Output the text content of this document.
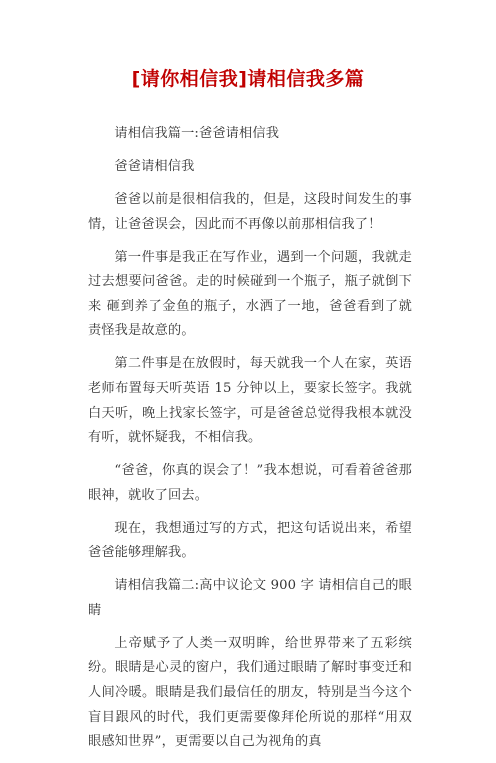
[请你相信我]请相信我多篇

请相信我篇一:爸爸请相信我

爸爸请相信我

爸爸以前是很相信我的，但是，这段时间发生的事情，让爸爸误会，因此而不再像以前那相信我了！

第一件事是我正在写作业，遇到一个问题，我就走过去想要问爸爸。走的时候碰到一个瓶子，瓶子就倒下来 砸到养了金鱼的瓶子，水洒了一地，爸爸看到了就责怪我是故意的。

第二件事是在放假时，每天就我一个人在家，英语老师布置每天听英语 15 分钟以上，要家长签字。我就白天听，晚上找家长签字，可是爸爸总觉得我根本就没有听，就怀疑我，不相信我。

“爸爸，你真的误会了！”我本想说，可看着爸爸那眼神，就收了回去。

现在，我想通过写的方式，把这句话说出来，希望爸爸能够理解我。

请相信我篇二:高中议论文 900 字 请相信自己的眼睛

上帝赋予了人类一双明眸，给世界带来了五彩缤纷。眼睛是心灵的窗户，我们通过眼睛了解时事变迁和人间冷暖。眼睛是我们最信任的朋友，特别是当今这个盲目跟风的时代，我们更需要像拜伦所说的那样“用双眼感知世界”，更需要以自己为视角的真
